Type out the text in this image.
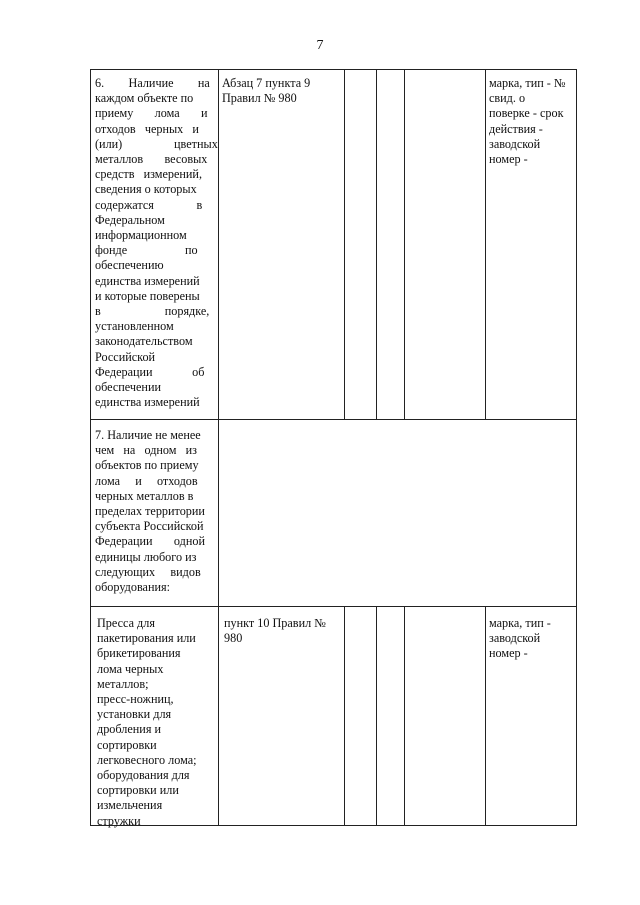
7
6.        Наличие        на
каждом объекте по
приему       лома       и
отходов   черных   и
(или)                 цветных
металлов       весовых
средств   измерений,
сведения о которых
содержатся              в
Федеральном
информационном
фонде                   по
обеспечению
единства измерений
и которые поверены
в                     порядке,
установленном
законодательством
Российской
Федерации             об
обеспечении
единства измерений
Абзац 7 пункта 9
Правил № 980
марка, тип - №
свид. о
поверке - срок
действия -
заводской
номер -
7. Наличие не менее
чем   на   одном   из
объектов по приему
лома     и     отходов
черных металлов в
пределах территории
субъекта Российской
Федерации       одной
единицы любого из
следующих     видов
оборудования:
Пресса для
пакетирования или
брикетирования
лома черных
металлов;
пресс-ножниц,
установки для
дробления и
сортировки
легковесного лома;
оборудования для
сортировки или
измельчения
стружки
пункт 10 Правил №
980
марка, тип -
заводской
номер -
